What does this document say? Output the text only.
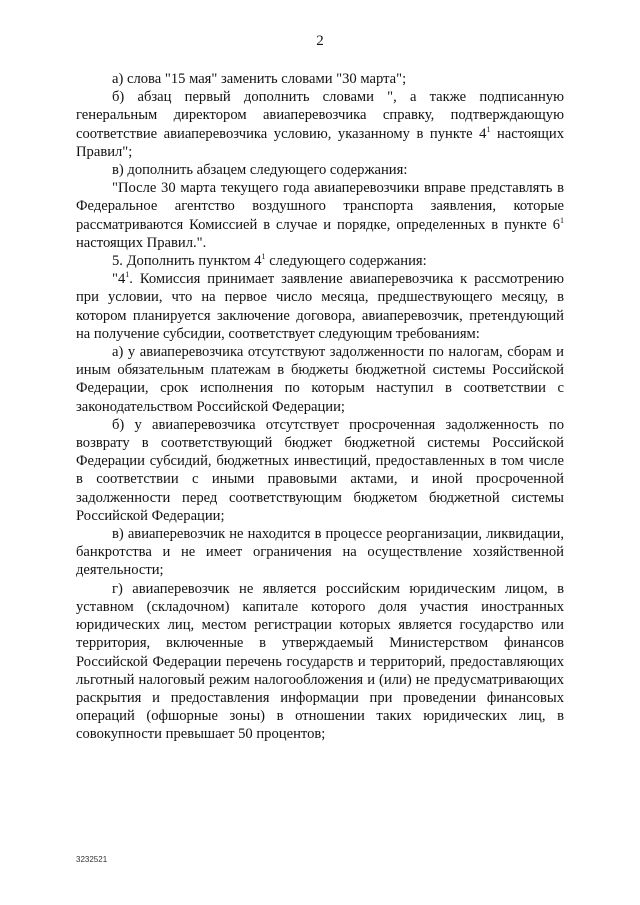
2

а) слова "15 мая" заменить словами "30 марта";

б) абзац первый дополнить словами ", а также подписанную генеральным директором авиаперевозчика справку, подтверждающую соответствие авиаперевозчика условию, указанному в пункте $4^1$ настоящих Правил";

в) дополнить абзацем следующего содержания:

"После 30 марта текущего года авиаперевозчики вправе представлять в Федеральное агентство воздушного транспорта заявления, которые рассматриваются Комиссией в случае и порядке, определенных в пункте $6^1$ настоящих Правил.".

5. Дополнить пунктом $4^1$ следующего содержания:

"$4^1$. Комиссия принимает заявление авиаперевозчика к рассмотрению при условии, что на первое число месяца, предшествующего месяцу, в котором планируется заключение договора, авиаперевозчик, претендующий на получение субсидии, соответствует следующим требованиям:

а) у авиаперевозчика отсутствуют задолженности по налогам, сборам и иным обязательным платежам в бюджеты бюджетной системы Российской Федерации, срок исполнения по которым наступил в соответствии с законодательством Российской Федерации;

б) у авиаперевозчика отсутствует просроченная задолженность по возврату в соответствующий бюджет бюджетной системы Российской Федерации субсидий, бюджетных инвестиций, предоставленных в том числе в соответствии с иными правовыми актами, и иной просроченной задолженности перед соответствующим бюджетом бюджетной системы Российской Федерации;

в) авиаперевозчик не находится в процессе реорганизации, ликвидации, банкротства и не имеет ограничения на осуществление хозяйственной деятельности;

г) авиаперевозчик не является российским юридическим лицом, в уставном (складочном) капитале которого доля участия иностранных юридических лиц, местом регистрации которых является государство или территория, включенные в утверждаемый Министерством финансов Российской Федерации перечень государств и территорий, предоставляющих льготный налоговый режим налогообложения и (или) не предусматривающих раскрытия и предоставления информации при проведении финансовых операций (офшорные зоны) в отношении таких юридических лиц, в совокупности превышает 50 процентов;

3232521
